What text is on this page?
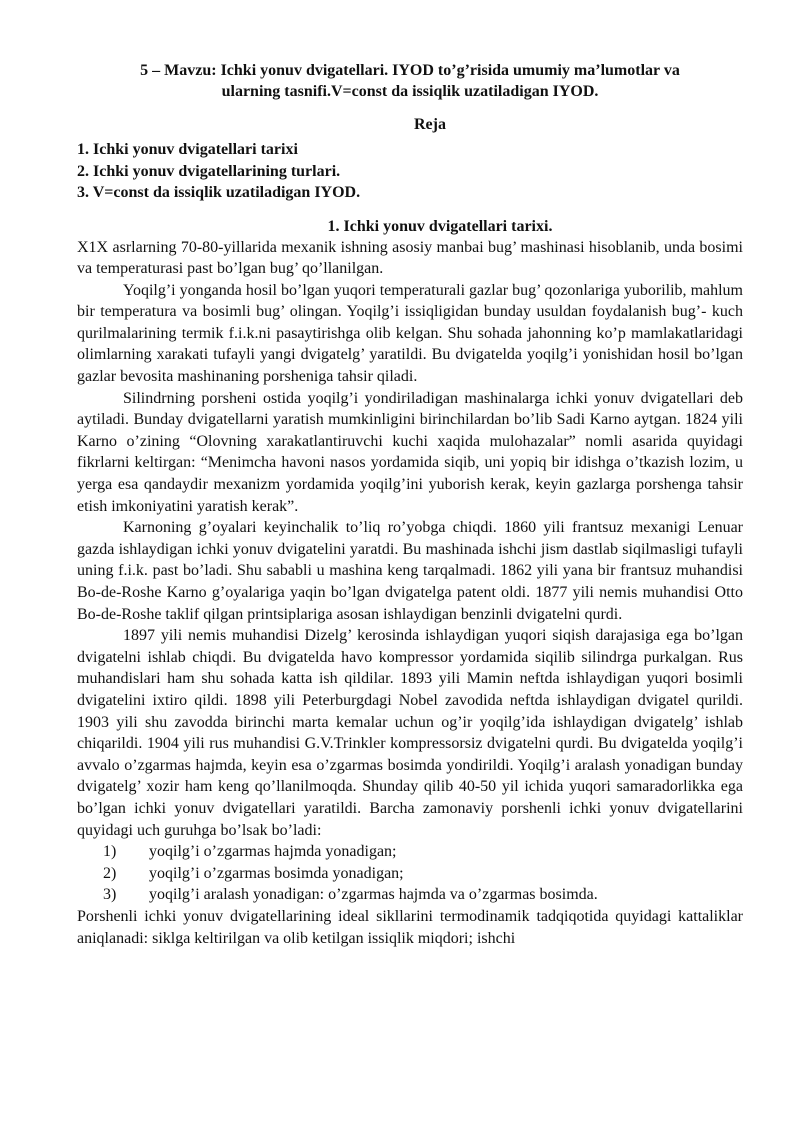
5 – Mavzu: Ichki yonuv dvigatellari. IYOD to’g’risida umumiy ma’lumotlar va
ularning tasnifi.V=const da issiqlik uzatiladigan IYOD.
Reja
1. Ichki yonuv dvigatellari tarixi
2. Ichki yonuv dvigatellarining turlari.
3. V=const da issiqlik uzatiladigan IYOD.
1. Ichki yonuv dvigatellari tarixi.

X1X asrlarning 70-80-yillarida mexanik ishning asosiy manbai bug’ mashinasi hisoblanib, unda bosimi va temperaturasi past bo’lgan bug’ qo’llanilgan.

Yoqilg’i yonganda hosil bo’lgan yuqori temperaturali gazlar bug’ qozonlariga yuborilib, mahlum bir temperatura va bosimli bug’ olingan. Yoqilg’i issiqligidan bunday usuldan foydalanish bug’- kuch qurilmalarining termik f.i.k.ni pasaytirishga olib kelgan. Shu sohada jahonning ko’p mamlakatlaridagi olimlarning xarakati tufayli yangi dvigatelg’ yaratildi. Bu dvigatelda yoqilg’i yonishidan hosil bo’lgan gazlar bevosita mashinaning porsheniga tahsir qiladi.

Silindrning porsheni ostida yoqilg’i yondiriladigan mashinalarga ichki yonuv dvigatellari deb aytiladi. Bunday dvigatellarni yaratish mumkinligini birinchilardan bo’lib Sadi Karno aytgan. 1824 yili Karno o’zining “Olovning xarakatlantiruvchi kuchi xaqida mulohazalar” nomli asarida quyidagi fikrlarni keltirgan: “Menimcha havoni nasos yordamida siqib, uni yopiq bir idishga o’tkazish lozim, u yerga esa qandaydir mexanizm yordamida yoqilg’ini yuborish kerak, keyin gazlarga porshenga tahsir etish imkoniyatini yaratish kerak”.

Karnoning g’oyalari keyinchalik to’liq ro’yobga chiqdi. 1860 yili frantsuz mexanigi Lenuar gazda ishlaydigan ichki yonuv dvigatelini yaratdi. Bu mashinada ishchi jism dastlab siqilmasligi tufayli uning f.i.k. past bo’ladi. Shu sababli u mashina keng tarqalmadi. 1862 yili yana bir frantsuz muhandisi Bo-de-Roshe Karno g’oyalariga yaqin bo’lgan dvigatelga patent oldi. 1877 yili nemis muhandisi Otto Bo-de-Roshe taklif qilgan printsiplariga asosan ishlaydigan benzinli dvigatelni qurdi.

1897 yili nemis muhandisi Dizelg’ kerosinda ishlaydigan yuqori siqish darajasiga ega bo’lgan dvigatelni ishlab chiqdi. Bu dvigatelda havo kompressor yordamida siqilib silindrga purkalgan. Rus muhandislari ham shu sohada katta ish qildilar. 1893 yili Mamin neftda ishlaydigan yuqori bosimli dvigatelini ixtiro qildi. 1898 yili Peterburgdagi Nobel zavodida neftda ishlaydigan dvigatel qurildi. 1903 yili shu zavodda birinchi marta kemalar uchun og’ir yoqilg’ida ishlaydigan dvigatelg’ ishlab chiqarildi. 1904 yili rus muhandisi G.V.Trinkler kompressorsiz dvigatelni qurdi. Bu dvigatelda yoqilg’i avvalo o’zgarmas hajmda, keyin esa o’zgarmas bosimda yondirildi. Yoqilg’i aralash yonadigan bunday dvigatelg’ xozir ham keng qo’llanilmoqda. Shunday qilib 40-50 yil ichida yuqori samaradorlikka ega bo’lgan ichki yonuv dvigatellari yaratildi. Barcha zamonaviy porshenli ichki yonuv dvigatellarini quyidagi uch guruhga bo’lsak bo’ladi:

1)	yoqilg’i o’zgarmas hajmda yonadigan;
2)	yoqilg’i o’zgarmas bosimda yonadigan;
3)	yoqilg’i aralash yonadigan: o’zgarmas hajmda va o’zgarmas bosimda.

Porshenli ichki yonuv dvigatellarining ideal sikllarini termodinamik tadqiqotida quyidagi kattaliklar aniqlanadi: siklga keltirilgan va olib ketilgan issiqlik miqdori; ishchi
